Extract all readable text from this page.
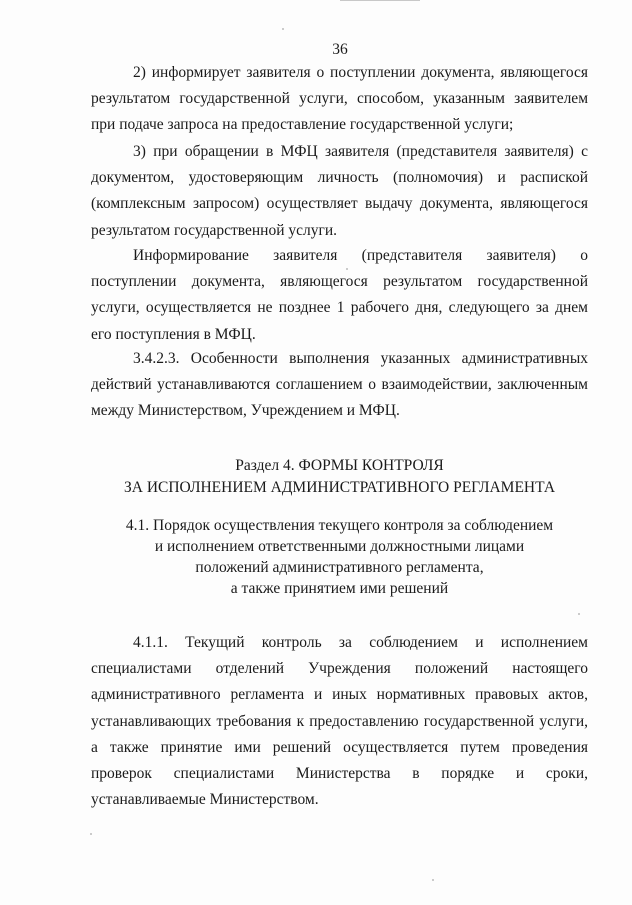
36

2) информирует заявителя о поступлении документа, являющегося результатом государственной услуги, способом, указанным заявителем при подаче запроса на предоставление государственной услуги;

3) при обращении в МФЦ заявителя (представителя заявителя) с документом, удостоверяющим личность (полномочия) и распиской (комплексным запросом) осуществляет выдачу документа, являющегося результатом государственной услуги.

Информирование заявителя (представителя заявителя) о поступлении документа, являющегося результатом государственной услуги, осуществляется не позднее 1 рабочего дня, следующего за днем его поступления в МФЦ.

3.4.2.3. Особенности выполнения указанных административных действий устанавливаются соглашением о взаимодействии, заключенным между Министерством, Учреждением и МФЦ.

Раздел 4. ФОРМЫ КОНТРОЛЯ
ЗА ИСПОЛНЕНИЕМ АДМИНИСТРАТИВНОГО РЕГЛАМЕНТА
4.1. Порядок осуществления текущего контроля за соблюдением
и исполнением ответственными должностными лицами
положений административного регламента,
а также принятием ими решений

4.1.1. Текущий контроль за соблюдением и исполнением специалистами отделений Учреждения положений настоящего административного регламента и иных нормативных правовых актов, устанавливающих требования к предоставлению государственной услуги, а также принятие ими решений осуществляется путем проведения проверок специалистами Министерства в порядке и сроки, устанавливаемые Министерством.
